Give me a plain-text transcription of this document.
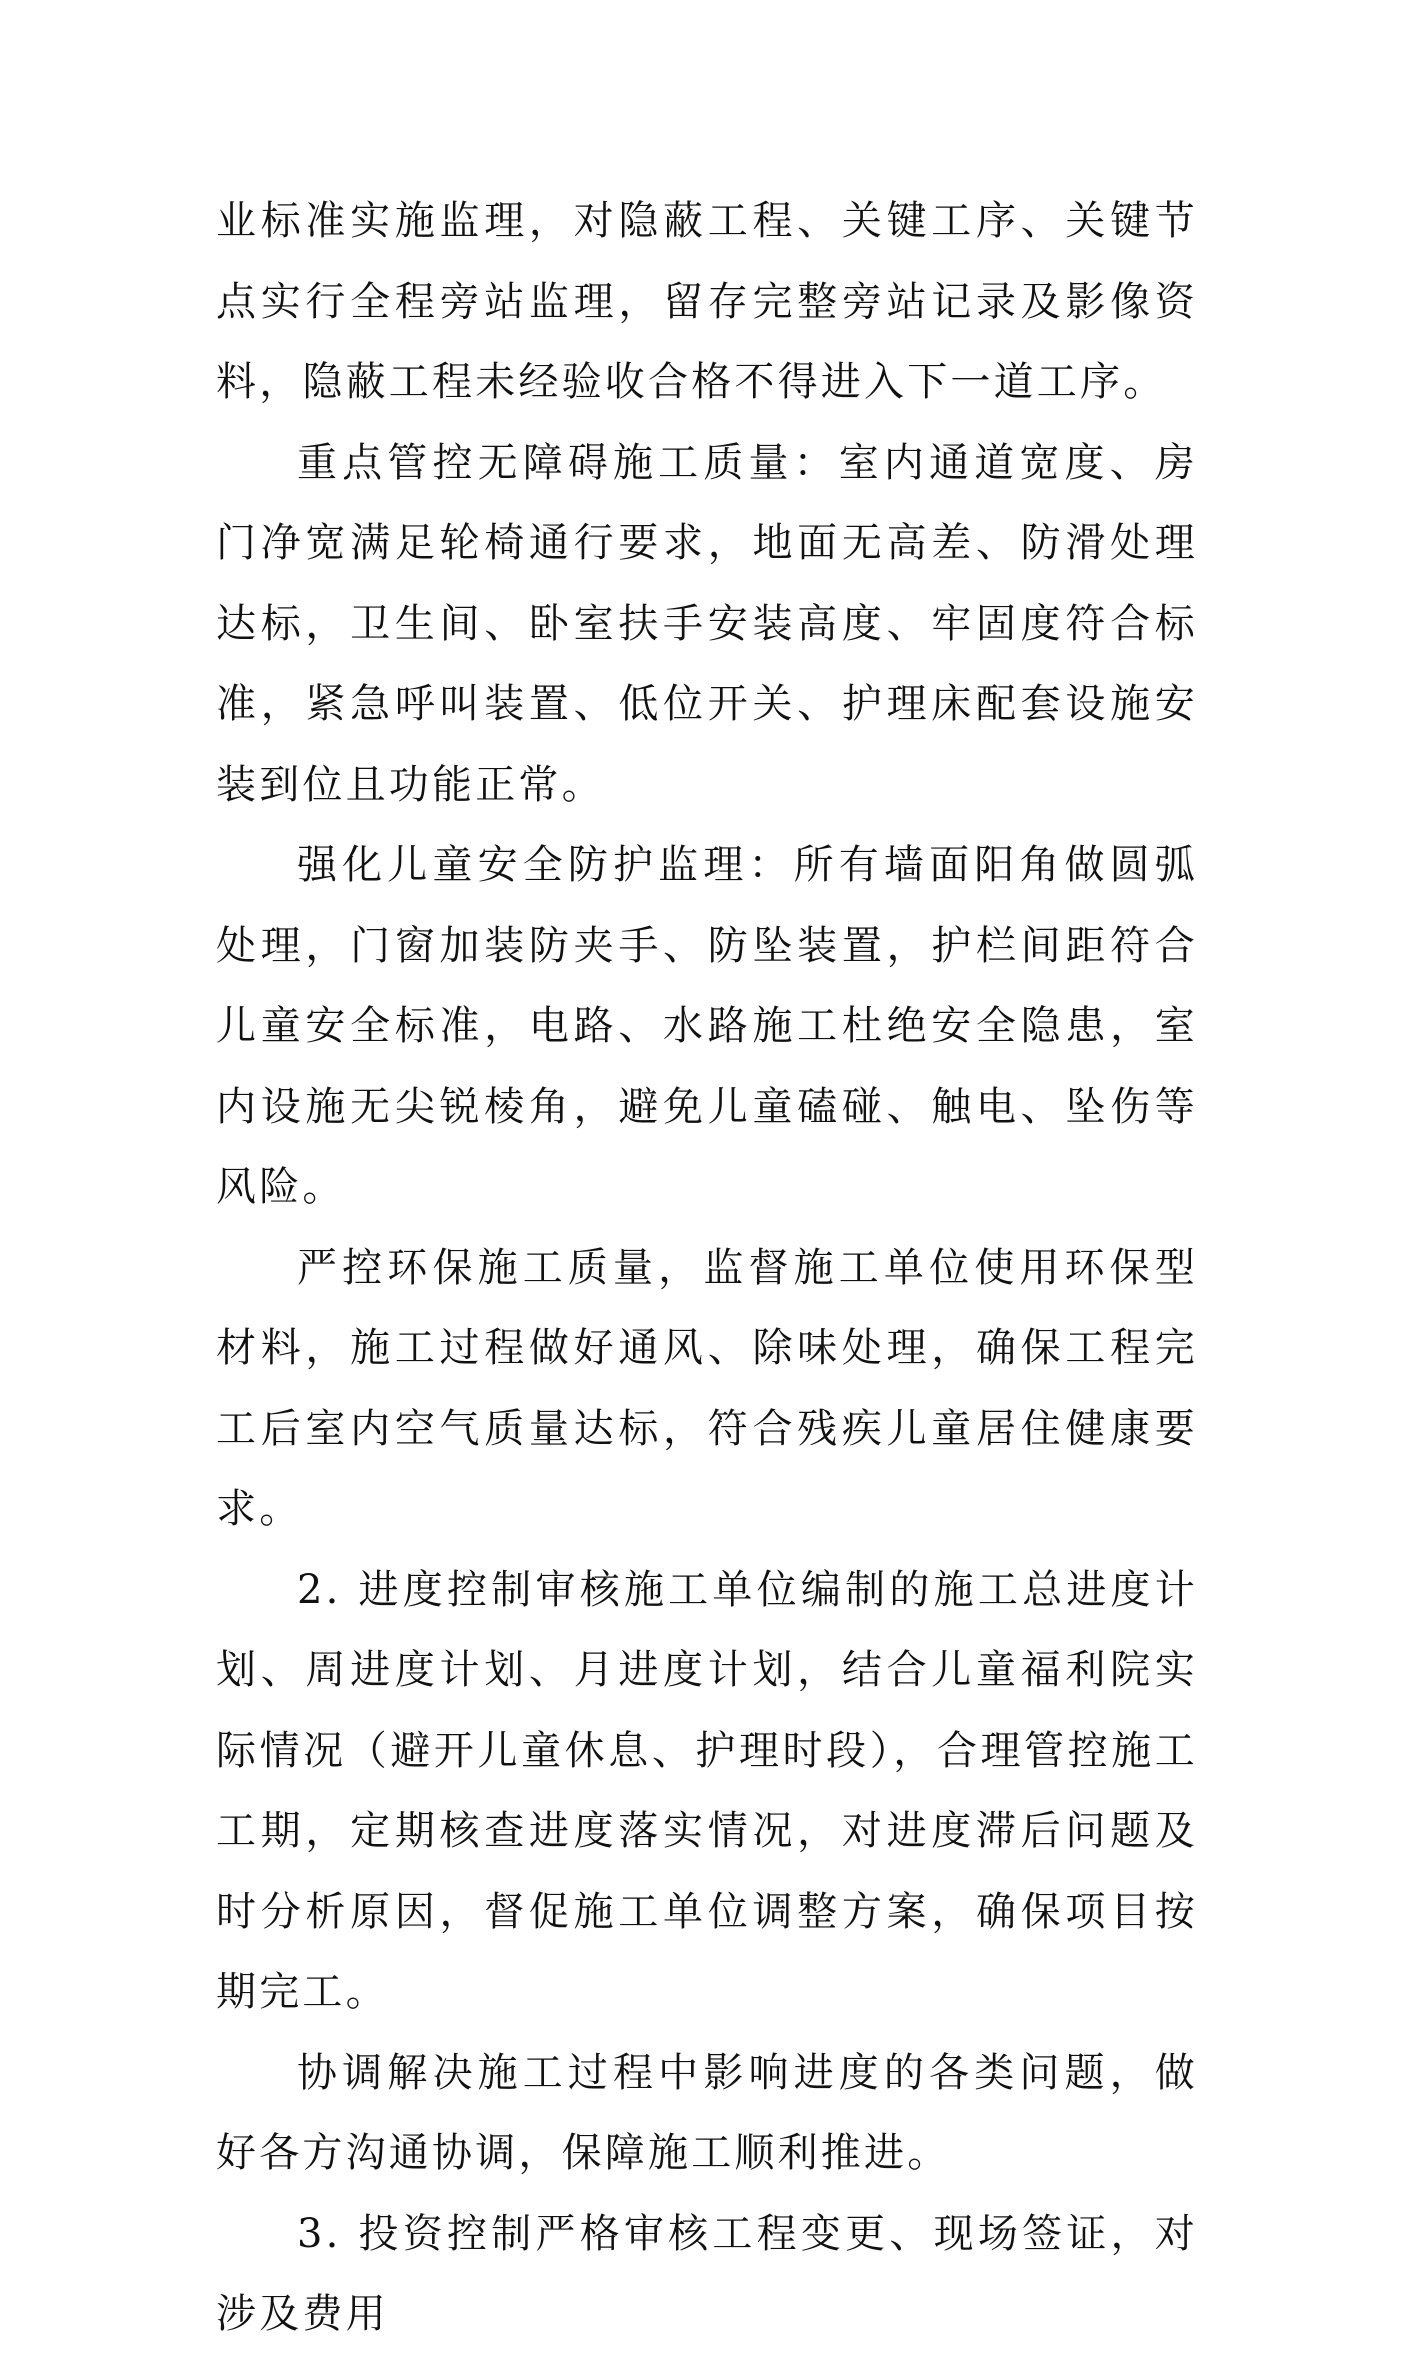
业标准实施监理，对隐蔽工程、关键工序、关键节点实行全程旁站监理，留存完整旁站记录及影像资料，隐蔽工程未经验收合格不得进入下一道工序。

重点管控无障碍施工质量：室内通道宽度、房门净宽满足轮椅通行要求，地面无高差、防滑处理达标，卫生间、卧室扶手安装高度、牢固度符合标准，紧急呼叫装置、低位开关、护理床配套设施安装到位且功能正常。

强化儿童安全防护监理：所有墙面阳角做圆弧处理，门窗加装防夹手、防坠装置，护栏间距符合儿童安全标准，电路、水路施工杜绝安全隐患，室内设施无尖锐棱角，避免儿童磕碰、触电、坠伤等风险。

严控环保施工质量，监督施工单位使用环保型材料，施工过程做好通风、除味处理，确保工程完工后室内空气质量达标，符合残疾儿童居住健康要求。

2. 进度控制审核施工单位编制的施工总进度计划、周进度计划、月进度计划，结合儿童福利院实际情况（避开儿童休息、护理时段），合理管控施工工期，定期核查进度落实情况，对进度滞后问题及时分析原因，督促施工单位调整方案，确保项目按期完工。

协调解决施工过程中影响进度的各类问题，做好各方沟通协调，保障施工顺利推进。

3. 投资控制严格审核工程变更、现场签证，对涉及费用
